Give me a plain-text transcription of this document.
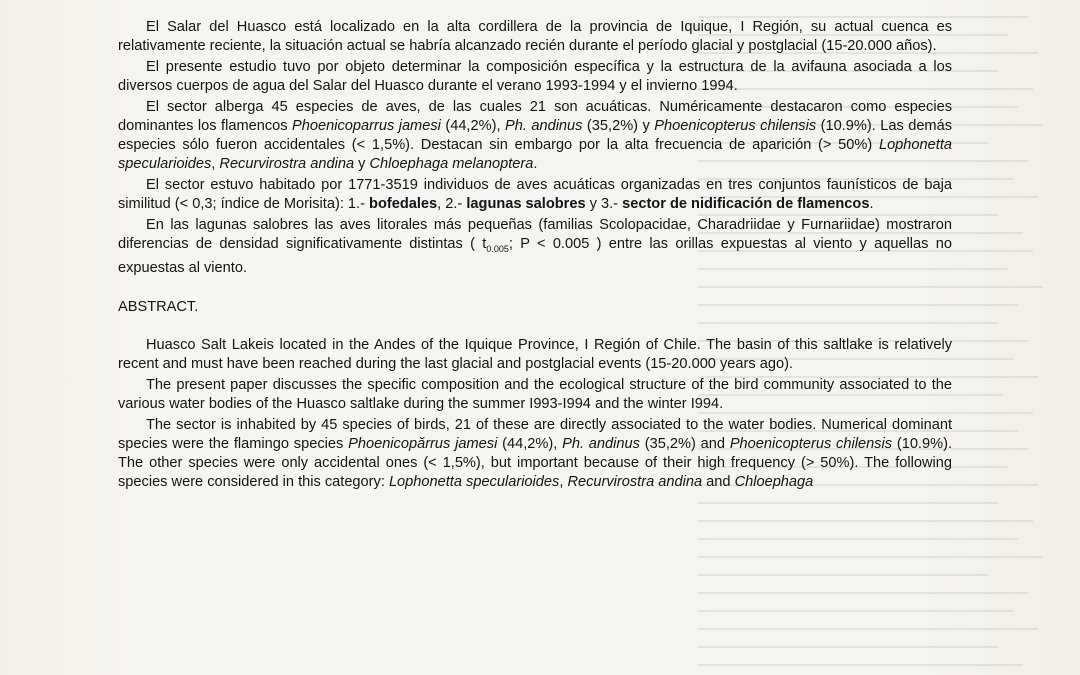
El Salar del Huasco está localizado en la alta cordillera de la provincia de Iquique, I Región, su actual cuenca es relativamente reciente, la situación actual se habría alcanzado recién durante el período glacial y postglacial (15-20.000 años).

El presente estudio tuvo por objeto determinar la composición específica y la estructura de la avifauna asociada a los diversos cuerpos de agua del Salar del Huasco durante el verano 1993-1994 y el invierno 1994.

El sector alberga 45 especies de aves, de las cuales 21 son acuáticas. Numéricamente destacaron como especies dominantes los flamencos Phoenicoparrus jamesi (44,2%), Ph. andinus (35,2%) y Phoenicopterus chilensis (10.9%). Las demás especies sólo fueron accidentales (< 1,5%). Destacan sin embargo por la alta frecuencia de aparición (> 50%) Lophonetta specularioides, Recurvirostra andina y Chloephaga melanoptera.

El sector estuvo habitado por 1771-3519 individuos de aves acuáticas organizadas en tres conjuntos faunísticos de baja similitud (< 0,3; índice de Morisita): 1.- bofedales, 2.- lagunas salobres y 3.- sector de nidificación de flamencos.

En las lagunas salobres las aves litorales más pequeñas (familias Scolopacidae, Charadriidae y Furnariidae) mostraron diferencias de densidad significativamente distintas ( $t_{0.005}$; P < 0.005 ) entre las orillas expuestas al viento y aquellas no expuestas al viento.

ABSTRACT.

Huasco Salt Lakeis located in the Andes of the Iquique Province, I Región of Chile. The basin of this saltlake is relatively recent and must have been reached during the last glacial and postglacial events (15-20.000 years ago).

The present paper discusses the specific composition and the ecological structure of the bird community associated to the various water bodies of the Huasco saltlake during the summer I993-I994 and the winter I994.

The sector is inhabited by 45 species of birds, 21 of these are directly associated to the water bodies. Numerical dominant species were the flamingo species Phoenicopărrus jamesi (44,2%), Ph. andinus (35,2%) and Phoenicopterus chilensis (10.9%). The other species were only accidental ones (< 1,5%), but important because of their high frequency (> 50%). The following species were considered in this category: Lophonetta specularioides, Recurvirostra andina and Chloephaga
